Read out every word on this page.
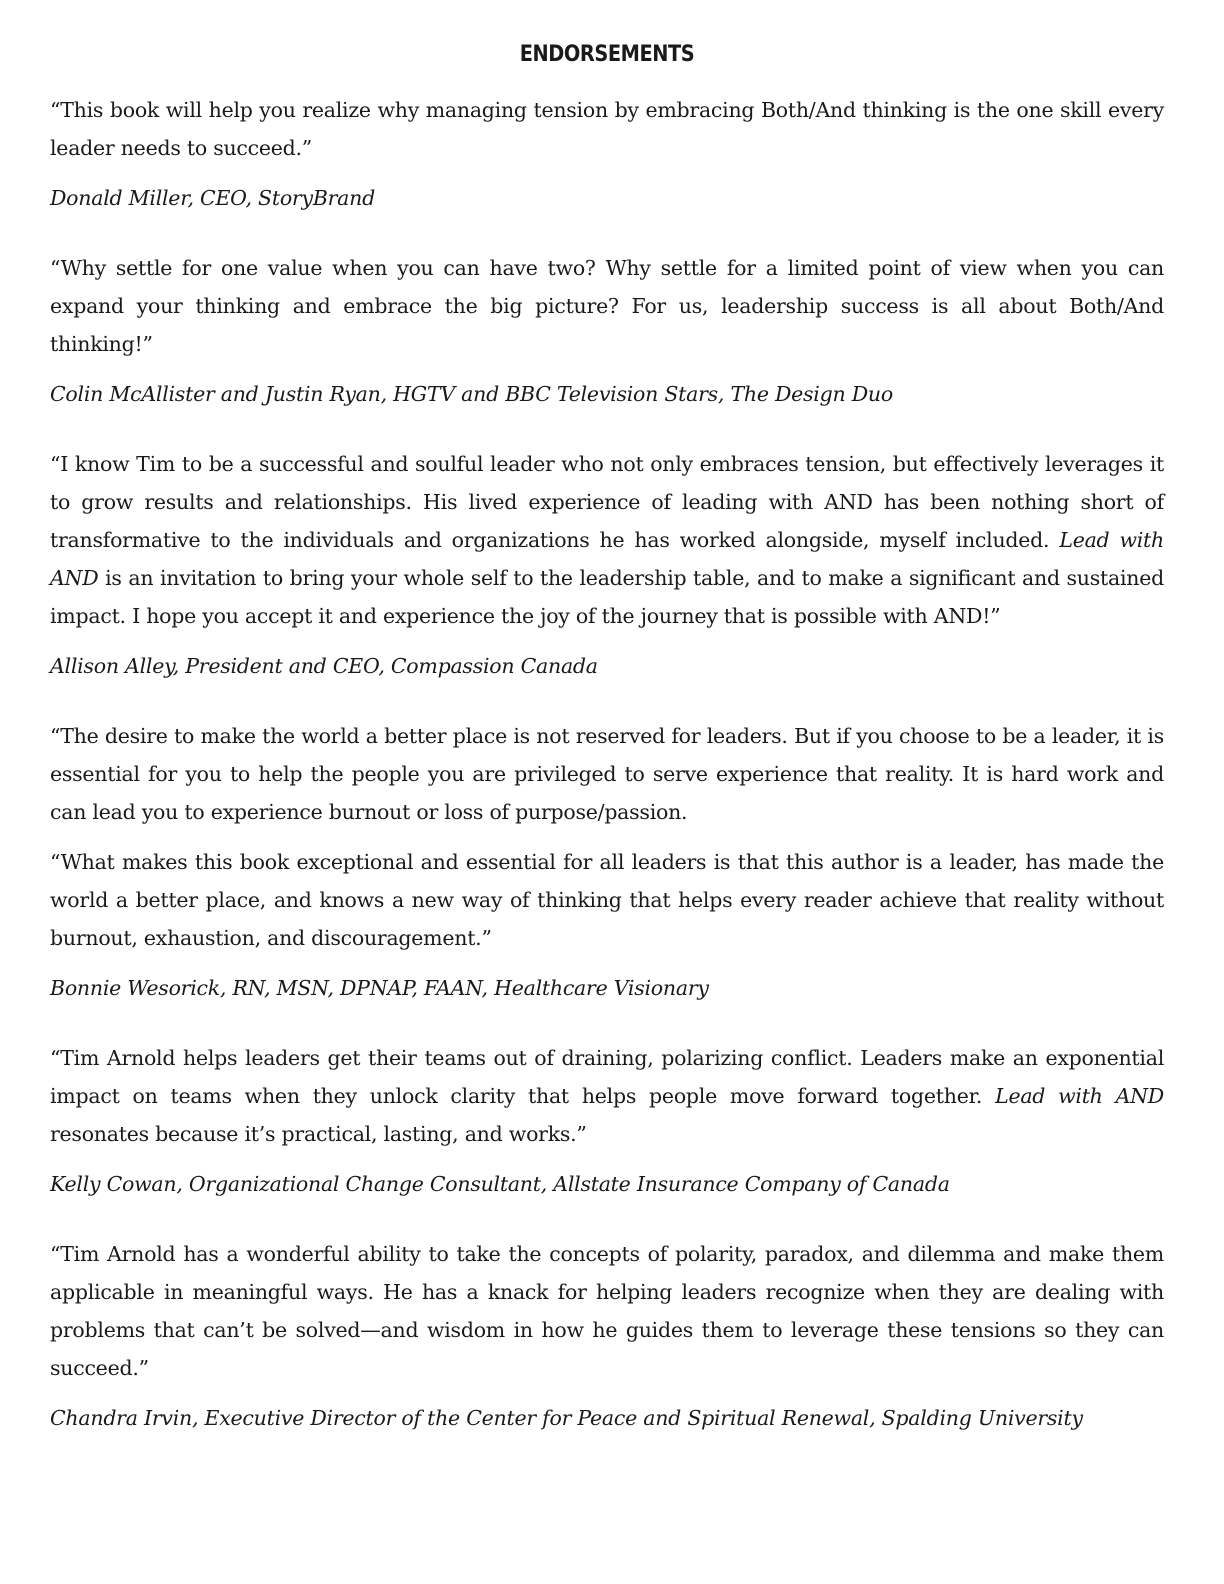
ENDORSEMENTS

“This book will help you realize why managing tension by embracing Both/And thinking is the one skill every leader needs to succeed.”

Donald Miller, CEO, StoryBrand

“Why settle for one value when you can have two? Why settle for a limited point of view when you can expand your thinking and embrace the big picture? For us, leadership success is all about Both/And thinking!”

Colin McAllister and Justin Ryan, HGTV and BBC Television Stars, The Design Duo

“I know Tim to be a successful and soulful leader who not only embraces tension, but effectively leverages it to grow results and relationships. His lived experience of leading with AND has been nothing short of transformative to the individuals and organizations he has worked alongside, myself included. Lead with AND is an invitation to bring your whole self to the leadership table, and to make a significant and sustained impact. I hope you accept it and experience the joy of the journey that is possible with AND!”

Allison Alley, President and CEO, Compassion Canada

“The desire to make the world a better place is not reserved for leaders. But if you choose to be a leader, it is essential for you to help the people you are privileged to serve experience that reality. It is hard work and can lead you to experience burnout or loss of purpose/passion.

“What makes this book exceptional and essential for all leaders is that this author is a leader, has made the world a better place, and knows a new way of thinking that helps every reader achieve that reality without burnout, exhaustion, and discouragement.”

Bonnie Wesorick, RN, MSN, DPNAP, FAAN, Healthcare Visionary

“Tim Arnold helps leaders get their teams out of draining, polarizing conflict. Leaders make an exponential impact on teams when they unlock clarity that helps people move forward together. Lead with AND resonates because it’s practical, lasting, and works.”

Kelly Cowan, Organizational Change Consultant, Allstate Insurance Company of Canada

“Tim Arnold has a wonderful ability to take the concepts of polarity, paradox, and dilemma and make them applicable in meaningful ways. He has a knack for helping leaders recognize when they are dealing with problems that can’t be solved—and wisdom in how he guides them to leverage these tensions so they can succeed.”

Chandra Irvin, Executive Director of the Center for Peace and Spiritual Renewal, Spalding University
